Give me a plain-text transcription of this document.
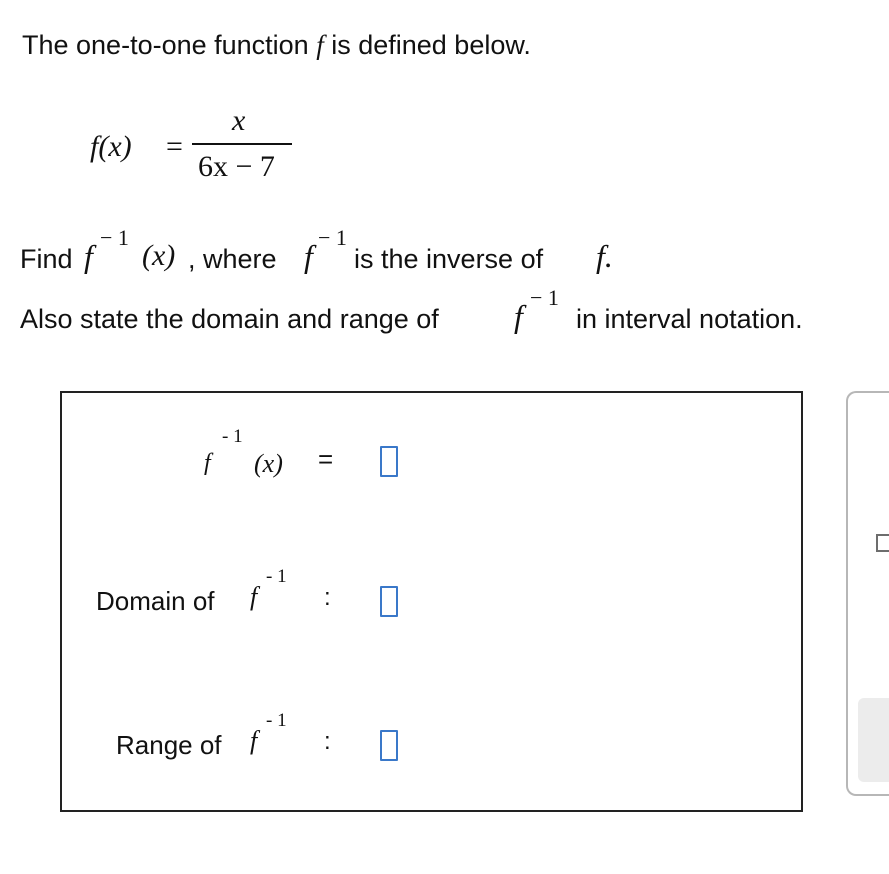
The one-to-one function f is defined below.
f(x) =
x
6x − 7
Find f
− 1
(x) , where f
− 1
is the inverse of f.
Also state the domain and range of f
− 1
in interval notation.
f
- 1
(x) =
Domain of f
- 1
:
Range of f
- 1
:
